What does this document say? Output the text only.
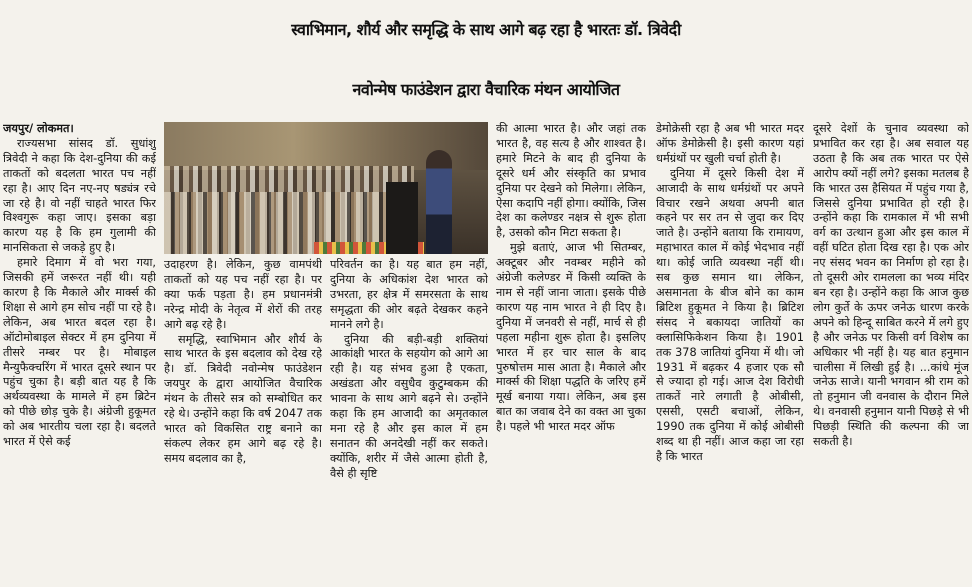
स्वाभिमान, शौर्य और समृद्धि के साथ आगे बढ़ रहा है भारतः डॉ. त्रिवेदी
नवोन्मेष फाउंडेशन द्वारा वैचारिक मंथन आयोजित

जयपुर/ लोकमत।

राज्यसभा सांसद डॉ. सुधांशु त्रिवेदी ने कहा कि देश-दुनिया की कई ताकतों को बदलता भारत पच नहीं रहा है। आए दिन नए-नए षड्यंत्र रचे जा रहे है। वो नहीं चाहते भारत फिर विश्वगुरू कहा जाए। इसका बड़ा कारण यह है कि हम गुलामी की मानसिकता से जकड़े हुए है।

हमारे दिमाग में वो भरा गया, जिसकी हमें जरूरत नहीं थी। यही कारण है कि मैकाले और मार्क्स की शिक्षा से आगे हम सोच नहीं पा रहे है। लेकिन, अब भारत बदल रहा है। ऑटोमोबाइल सेक्टर में हम दुनिया में तीसरे नम्बर पर है। मोबाइल मैन्युफैक्चरिंग में भारत दूसरे स्थान पर पहुंच चुका है। बड़ी बात यह है कि अर्थव्यवस्था के मामले में हम ब्रिटेन को पीछे छोड़ चुके है। अंग्रेजी हुकूमत को अब भारतीय चला रहा है। बदलते भारत में ऐसे कई

उदाहरण है। लेकिन, कुछ वामपंथी ताकतों को यह पच नहीं रहा है। पर क्या फर्क पड़ता है। हम प्रधानमंत्री नरेन्द्र मोदी के नेतृत्व में शेरों की तरह आगे बढ़ रहे है।

समृद्धि, स्वाभिमान और शौर्य के साथ भारत के इस बदलाव को देख रहे है। डॉ. त्रिवेदी नवोन्मेष फाउंडेशन जयपुर के द्वारा आयोजित वैचारिक मंथन के तीसरे सत्र को सम्बोधित कर रहे थे। उन्होंने कहा कि वर्ष 2047 तक भारत को विकसित राष्ट्र बनाने का संकल्प लेकर हम आगे बढ़ रहे है। समय बदलाव का है,

परिवर्तन का है। यह बात हम नहीं, दुनिया के अधिकांश देश भारत को उभरता, हर क्षेत्र में समरसता के साथ समृद्धता की ओर बढ़ते देखकर कहने मानने लगे है।

दुनिया की बड़ी-बड़ी शक्तियां आकांक्षी भारत के सहयोग को आगे आ रही है। यह संभव हुआ है एकता, अखंडता और वसुधैव कुटुम्बकम की भावना के साथ आगे बढ़ने से। उन्होंने कहा कि हम आजादी का अमृतकाल मना रहे है और इस काल में हम सनातन की अनदेखी नहीं कर सकते। क्योंकि, शरीर में जैसे आत्मा होती है, वैसे ही सृष्टि

की आत्मा भारत है। और जहां तक भारत है, वह सत्य है और शाश्वत है। हमारे मिटने के बाद ही दुनिया के दूसरे धर्म और संस्कृति का प्रभाव दुनिया पर देखने को मिलेगा। लेकिन, ऐसा कदापि नहीं होगा। क्योंकि, जिस देश का कलेण्डर नक्षत्र से शुरू होता है, उसको कौन मिटा सकता है।

मुझे बताएं, आज भी सितम्बर, अक्टूबर और नवम्बर महीने को अंग्रेजी कलेण्डर में किसी व्यक्ति के नाम से नहीं जाना जाता। इसके पीछे कारण यह नाम भारत ने ही दिए है। दुनिया में जनवरी से नहीं, मार्च से ही पहला महीना शुरू होता है। इसलिए भारत में हर चार साल के बाद पुरुषोत्तम मास आता है। मैकाले और मार्क्स की शिक्षा पद्धति के जरिए हमें मूर्ख बनाया गया। लेकिन, अब इस बात का जवाब देने का वक्त आ चुका है। पहले भी भारत मदर ऑफ

डेमोक्रेसी रहा है अब भी भारत मदर ऑफ डेमोक्रेसी है। इसी कारण यहां धर्मग्रंथों पर खुली चर्चा होती है।

दुनिया में दूसरे किसी देश में आजादी के साथ धर्मग्रंथों पर अपने विचार रखने अथवा अपनी बात कहने पर सर तन से जुदा कर दिए जाते है। उन्होंने बताया कि रामायण, महाभारत काल में कोई भेदभाव नहीं था। कोई जाति व्यवस्था नहीं थी। सब कुछ समान था। लेकिन, असमानता के बीज बोने का काम ब्रिटिश हुकूमत ने किया है। ब्रिटिश संसद ने बकायदा जातियों का क्लासिफिकेशन किया है। 1901 तक 378 जातियां दुनिया में थी। जो 1931 में बढ़कर 4 हजार एक सौ से ज्यादा हो गई। आज देश विरोधी ताकतें नारे लगाती है ओबीसी, एससी, एसटी बचाओं, लेकिन, 1990 तक दुनिया में कोई ओबीसी शब्द था ही नहीं। आज कहा जा रहा है कि भारत

दूसरे देशों के चुनाव व्यवस्था को प्रभावित कर रहा है। अब सवाल यह उठता है कि अब तक भारत पर ऐसे आरोप क्यों नहीं लगे? इसका मतलब है कि भारत उस हैसियत में पहुंच गया है, जिससे दुनिया प्रभावित हो रही है। उन्होंने कहा कि रामकाल में भी सभी वर्ग का उत्थान हुआ और इस काल में वहीं घटित होता दिख रहा है। एक ओर नए संसद भवन का निर्माण हो रहा है। तो दूसरी ओर रामलला का भव्य मंदिर बन रहा है। उन्होंने कहा कि आज कुछ लोग कुर्ते के ऊपर जनेऊ धारण करके अपने को हिन्दू साबित करने में लगे हुए है और जनेऊ पर किसी वर्ग विशेष का अधिकार भी नहीं है। यह बात हनुमान चालीसा में लिखी हुई है। ...कांधे मूंज जनेऊ साजे। यानी भगवान श्री राम को तो हनुमान जी वनवास के दौरान मिले थे। वनवासी हनुमान यानी पिछड़े से भी पिछड़ी स्थिति की कल्पना की जा सकती है।
